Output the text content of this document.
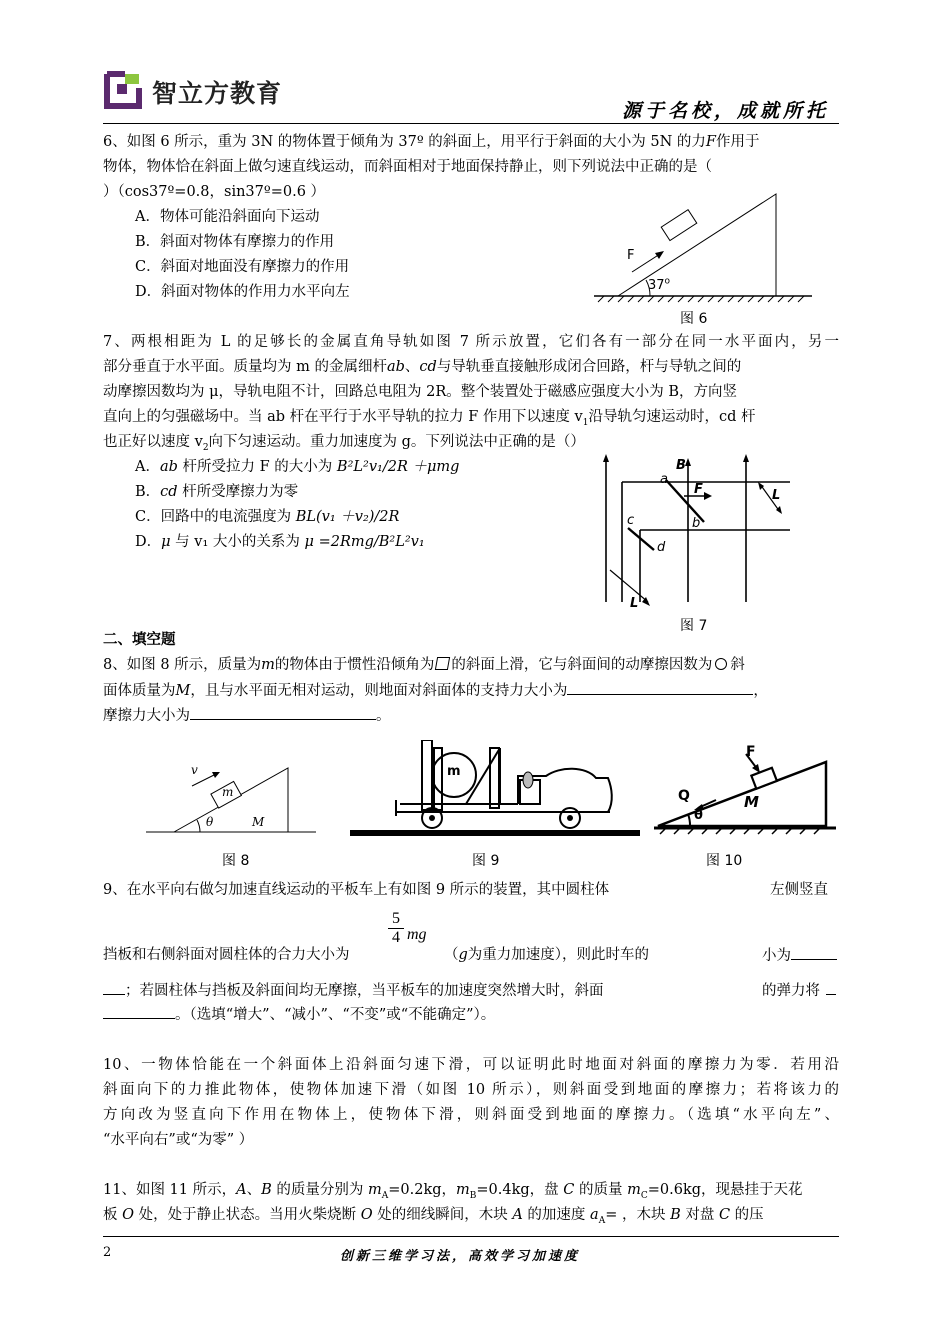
智立方教育
源于名校，成就所托
6、如图 6 所示，重为 3N 的物体置于倾角为 37º 的斜面上，用平行于斜面的大小为 5N 的力F作用于
物体，物体恰在斜面上做匀速直线运动，而斜面相对于地面保持静止，则下列说法中正确的是（
）（cos37º=0.8，sin37º=0.6 ）
A．物体可能沿斜面向下运动
B．斜面对物体有摩擦力的作用
C．斜面对地面没有摩擦力的作用
D．斜面对物体的作用力水平向左
F
37$^o$
图 6
7、两根相距为 L 的足够长的金属直角导轨如图 7 所示放置，它们各有一部分在同一水平面内，另一
部分垂直于水平面。质量均为 m 的金属细杆ab、cd与导轨垂直接触形成闭合回路，杆与导轨之间的
动摩擦因数均为 μ，导轨电阻不计，回路总电阻为 2R。整个装置处于磁感应强度大小为 B，方向竖
直向上的匀强磁场中。当 ab 杆在平行于水平导轨的拉力 F 作用下以速度 $v_1$沿导轨匀速运动时，cd 杆
也正好以速度 $v_2$向下匀速运动。重力加速度为 g。下列说法中正确的是（）
A．ab 杆所受拉力 F 的大小为 B²L²v₁/2R ＋μmg
B．cd 杆所受摩擦力为零
C．回路中的电流强度为 BL(v₁ ＋v₂)/2R
D．μ 与 v₁ 大小的关系为 μ =2Rmg/B²L²v₁
B
a
F	L
c	b
d
L
图 7
二、填空题
8、如图 8 所示，质量为m的物体由于惯性沿倾角为 的斜面上滑，它与斜面间的动摩擦因数为 斜
面体质量为M，且与水平面无相对运动，则地面对斜面体的支持力大小为	，
摩擦力大小为	。
v
m
θ	M
图 8
m
图 9
Q
F
M
θ
图 10
9、在水平向右做匀加速直线运动的平板车上有如图 9 所示的装置，其中圆柱体	左侧竖直
$\frac{5}{4}$ mg
挡板和右侧斜面对圆柱体的合力大小为	（g为重力加速度），则此时车的	小为
；若圆柱体与挡板及斜面间均无摩擦，当平板车的加速度突然增大时，斜面	的弹力将
。（选填“增大”、“减小”、“不变”或“不能确定”）。
10、一物体恰能在一个斜面体上沿斜面匀速下滑，可以证明此时地面对斜面的摩擦力为零．若用沿
斜面向下的力推此物体，使物体加速下滑（如图 10 所示），则斜面受到地面的摩擦力；若将该力的
方向改为竖直向下作用在物体上，使物体下滑，则斜面受到地面的摩擦力。（选填“水平向左”、
“水平向右”或“为零” ）
11、如图 11 所示，A、B 的质量分别为 $m_A=0.2kg$，$m_B=0.4kg$，盘 C 的质量 $m_C=0.6kg$，现悬挂于天花
板 O 处，处于静止状态。当用火柴烧断 O 处的细线瞬间，木块 A 的加速度 $a_A=$ ，木块 B 对盘 C 的压
2	创新三维学习法，高效学习加速度
